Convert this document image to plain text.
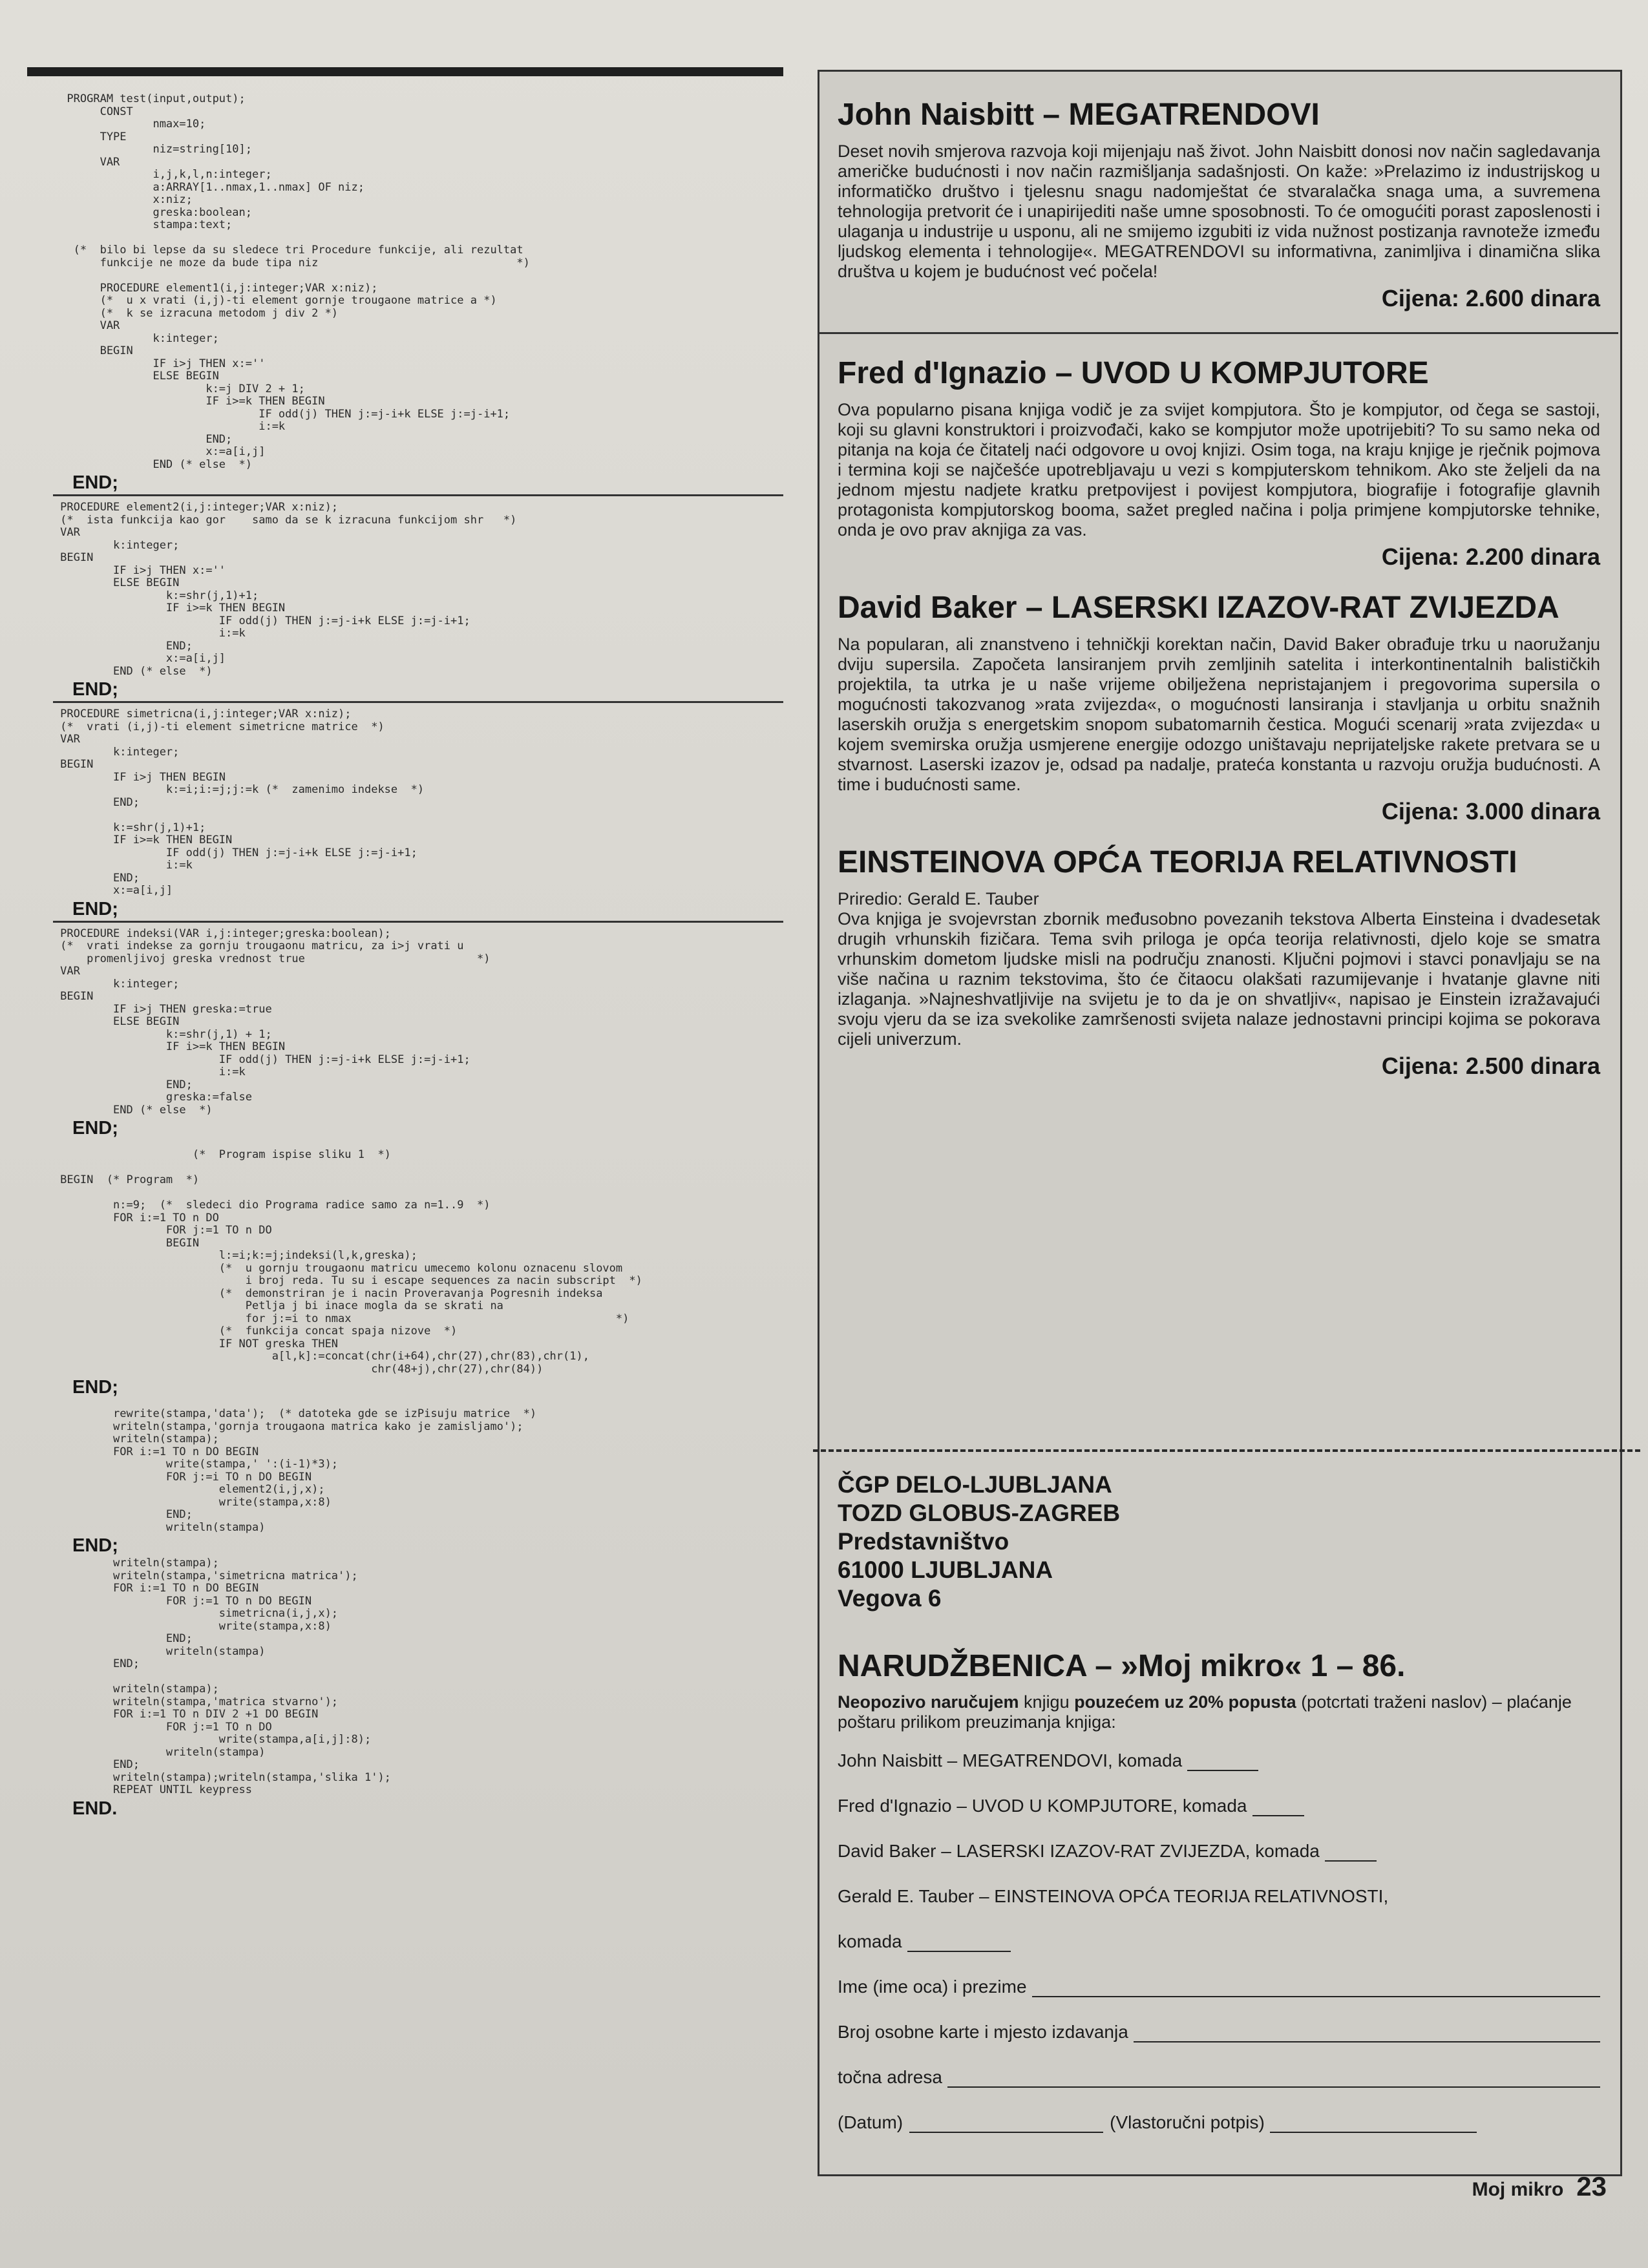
PROGRAM test(input,output);
CONST
nmax=10;
TYPE
niz=string[10];
VAR
i,j,k,l,n:integer;
a:ARRAY[1..nmax,1..nmax] OF niz;
x:niz;
greska:boolean;
stampa:text;

(*  bilo bi lepse da su sledece tri Procedure funkcije, ali rezultat
funkcije ne moze da bude tipa niz                              *)

PROCEDURE element1(i,j:integer;VAR x:niz);
(*  u x vrati (i,j)-ti element gornje trougaone matrice a *)
(*  k se izracuna metodom j div 2 *)
VAR
k:integer;
BEGIN
IF i>j THEN x:=''
ELSE BEGIN
k:=j DIV 2 + 1;
IF i>=k THEN BEGIN
IF odd(j) THEN j:=j-i+k ELSE j:=j-i+1;
i:=k
END;
x:=a[i,j]
END (* else  *)
END;
PROCEDURE element2(i,j:integer;VAR x:niz);
(*  ista funkcija kao gor    samo da se k izracuna funkcijom shr   *)
VAR
k:integer;
BEGIN
IF i>j THEN x:=''
ELSE BEGIN
k:=shr(j,1)+1;
IF i>=k THEN BEGIN
IF odd(j) THEN j:=j-i+k ELSE j:=j-i+1;
i:=k
END;
x:=a[i,j]
END (* else  *)
END;
PROCEDURE simetricna(i,j:integer;VAR x:niz);
(*  vrati (i,j)-ti element simetricne matrice  *)
VAR
k:integer;
BEGIN
IF i>j THEN BEGIN
k:=i;i:=j;j:=k (*  zamenimo indekse  *)
END;

k:=shr(j,1)+1;
IF i>=k THEN BEGIN
IF odd(j) THEN j:=j-i+k ELSE j:=j-i+1;
i:=k
END;
x:=a[i,j]
END;
PROCEDURE indeksi(VAR i,j:integer;greska:boolean);
(*  vrati indekse za gornju trougaonu matricu, za i>j vrati u
promenljivoj greska vrednost true                          *)
VAR
k:integer;
BEGIN
IF i>j THEN greska:=true
ELSE BEGIN
k:=shr(j,1) + 1;
IF i>=k THEN BEGIN
IF odd(j) THEN j:=j-i+k ELSE j:=j-i+1;
i:=k
END;
greska:=false
END (* else  *)
END;
(*  Program ispise sliku 1  *)

BEGIN  (* Program  *)

n:=9;  (*  sledeci dio Programa radice samo za n=1..9  *)
FOR i:=1 TO n DO
FOR j:=1 TO n DO
BEGIN
l:=i;k:=j;indeksi(l,k,greska);
(*  u gornju trougaonu matricu umecemo kolonu oznacenu slovom
i broj reda. Tu su i escape sequences za nacin subscript  *)
(*  demonstriran je i nacin Proveravanja Pogresnih indeksa
Petlja j bi inace mogla da se skrati na
for j:=i to nmax                                        *)
(*  funkcija concat spaja nizove  *)
IF NOT greska THEN
a[l,k]:=concat(chr(i+64),chr(27),chr(83),chr(1),
chr(48+j),chr(27),chr(84))
END;
rewrite(stampa,'data');  (* datoteka gde se izPisuju matrice  *)
writeln(stampa,'gornja trougaona matrica kako je zamisljamo');
writeln(stampa);
FOR i:=1 TO n DO BEGIN
write(stampa,' ':(i-1)*3);
FOR j:=i TO n DO BEGIN
element2(i,j,x);
write(stampa,x:8)
END;
writeln(stampa)
END;
writeln(stampa);
writeln(stampa,'simetricna matrica');
FOR i:=1 TO n DO BEGIN
FOR j:=1 TO n DO BEGIN
simetricna(i,j,x);
write(stampa,x:8)
END;
writeln(stampa)
END;

writeln(stampa);
writeln(stampa,'matrica stvarno');
FOR i:=1 TO n DIV 2 +1 DO BEGIN
FOR j:=1 TO n DO
write(stampa,a[i,j]:8);
writeln(stampa)
END;
writeln(stampa);writeln(stampa,'slika 1');
REPEAT UNTIL keypress
END.
John Naisbitt – MEGATRENDOVI

Deset novih smjerova razvoja koji mijenjaju naš život. John Naisbitt donosi nov način sagledavanja američke budućnosti i nov način razmišljanja sadašnjosti. On kaže: »Prelazimo iz industrijskog u informatičko društvo i tjelesnu snagu nadomještat će stvaralačka snaga uma, a suvremena tehnologija pretvorit će i unapirijediti naše umne sposobnosti. To će omogućiti porast zaposlenosti i ulaganja u industrije u usponu, ali ne smijemo izgubiti iz vida nužnost postizanja ravnoteže između ljudskog elementa i tehnologije«. MEGATRENDOVI su informativna, zanimljiva i dinamična slika društva u kojem je budućnost već počela!

Cijena: 2.600 dinara
Fred d'Ignazio – UVOD U KOMPJUTORE

Ova popularno pisana knjiga vodič je za svijet kompjutora. Što je kompjutor, od čega se sastoji, koji su glavni konstruktori i proizvođači, kako se kompjutor može upotrijebiti? To su samo neka od pitanja na koja će čitatelj naći odgovore u ovoj knjizi. Osim toga, na kraju knjige je rječnik pojmova i termina koji se najčešće upotrebljavaju u vezi s kompjuterskom tehnikom. Ako ste željeli da na jednom mjestu nadjete kratku pretpovijest i povijest kompjutora, biografije i fotografije glavnih protagonista kompjutorskog booma, sažet pregled načina i polja primjene kompjutorske tehnike, onda je ovo prav aknjiga za vas.

Cijena: 2.200 dinara
David Baker – LASERSKI IZAZOV-RAT ZVIJEZDA

Na popularan, ali znanstveno i tehničkji korektan način, David Baker obrađuje trku u naoružanju dviju supersila. Započeta lansiranjem prvih zemljinih satelita i interkontinentalnih balističkih projektila, ta utrka je u naše vrijeme obilježena nepristajanjem i pregovorima supersila o mogućnosti takozvanog »rata zvijezda«, o mogućnosti lansiranja i stavljanja u orbitu snažnih laserskih oružja s energetskim snopom subatomarnih čestica. Mogući scenarij »rata zvijezda« u kojem svemirska oružja usmjerene energije odozgo uništavaju neprijateljske rakete pretvara se u stvarnost. Laserski izazov je, odsad pa nadalje, prateća konstanta u razvoju oružja budućnosti. A time i budućnosti same.

Cijena: 3.000 dinara
EINSTEINOVA OPĆA TEORIJA RELATIVNOSTI

Priredio: Gerald E. Tauber

Ova knjiga je svojevrstan zbornik međusobno povezanih tekstova Alberta Einsteina i dvadesetak drugih vrhunskih fizičara. Tema svih priloga je opća teorija relativnosti, djelo koje se smatra vrhunskim dometom ljudske misli na području znanosti. Ključni pojmovi i stavci ponavljaju se na više načina u raznim tekstovima, što će čitaocu olakšati razumijevanje i hvatanje glavne niti izlaganja. »Najneshvatljivije na svijetu je to da je on shvatljiv«, napisao je Einstein izražavajući svoju vjeru da se iza svekolike zamršenosti svijeta nalaze jednostavni principi kojima se pokorava cijeli univerzum.

Cijena: 2.500 dinara
ČGP DELO-LJUBLJANA
TOZD GLOBUS-ZAGREB
Predstavništvo
61000 LJUBLJANA
Vegova 6
NARUDŽBENICA – »Moj mikro« 1 – 86.
Neopozivo naručujem knjigu pouzećem uz 20% popusta (potcrtati traženi naslov) – plaćanje poštaru prilikom preuzimanja knjiga:
John Naisbitt – MEGATRENDOVI, komada
Fred d'Ignazio – UVOD U KOMPJUTORE, komada
David Baker – LASERSKI IZAZOV-RAT ZVIJEZDA, komada
Gerald E. Tauber – EINSTEINOVA OPĆA TEORIJA RELATIVNOSTI,
komada
Ime (ime oca) i prezime
Broj osobne karte i mjesto izdavanja
točna adresa
(Datum)	(Vlastoručni potpis)
Moj mikro 23
